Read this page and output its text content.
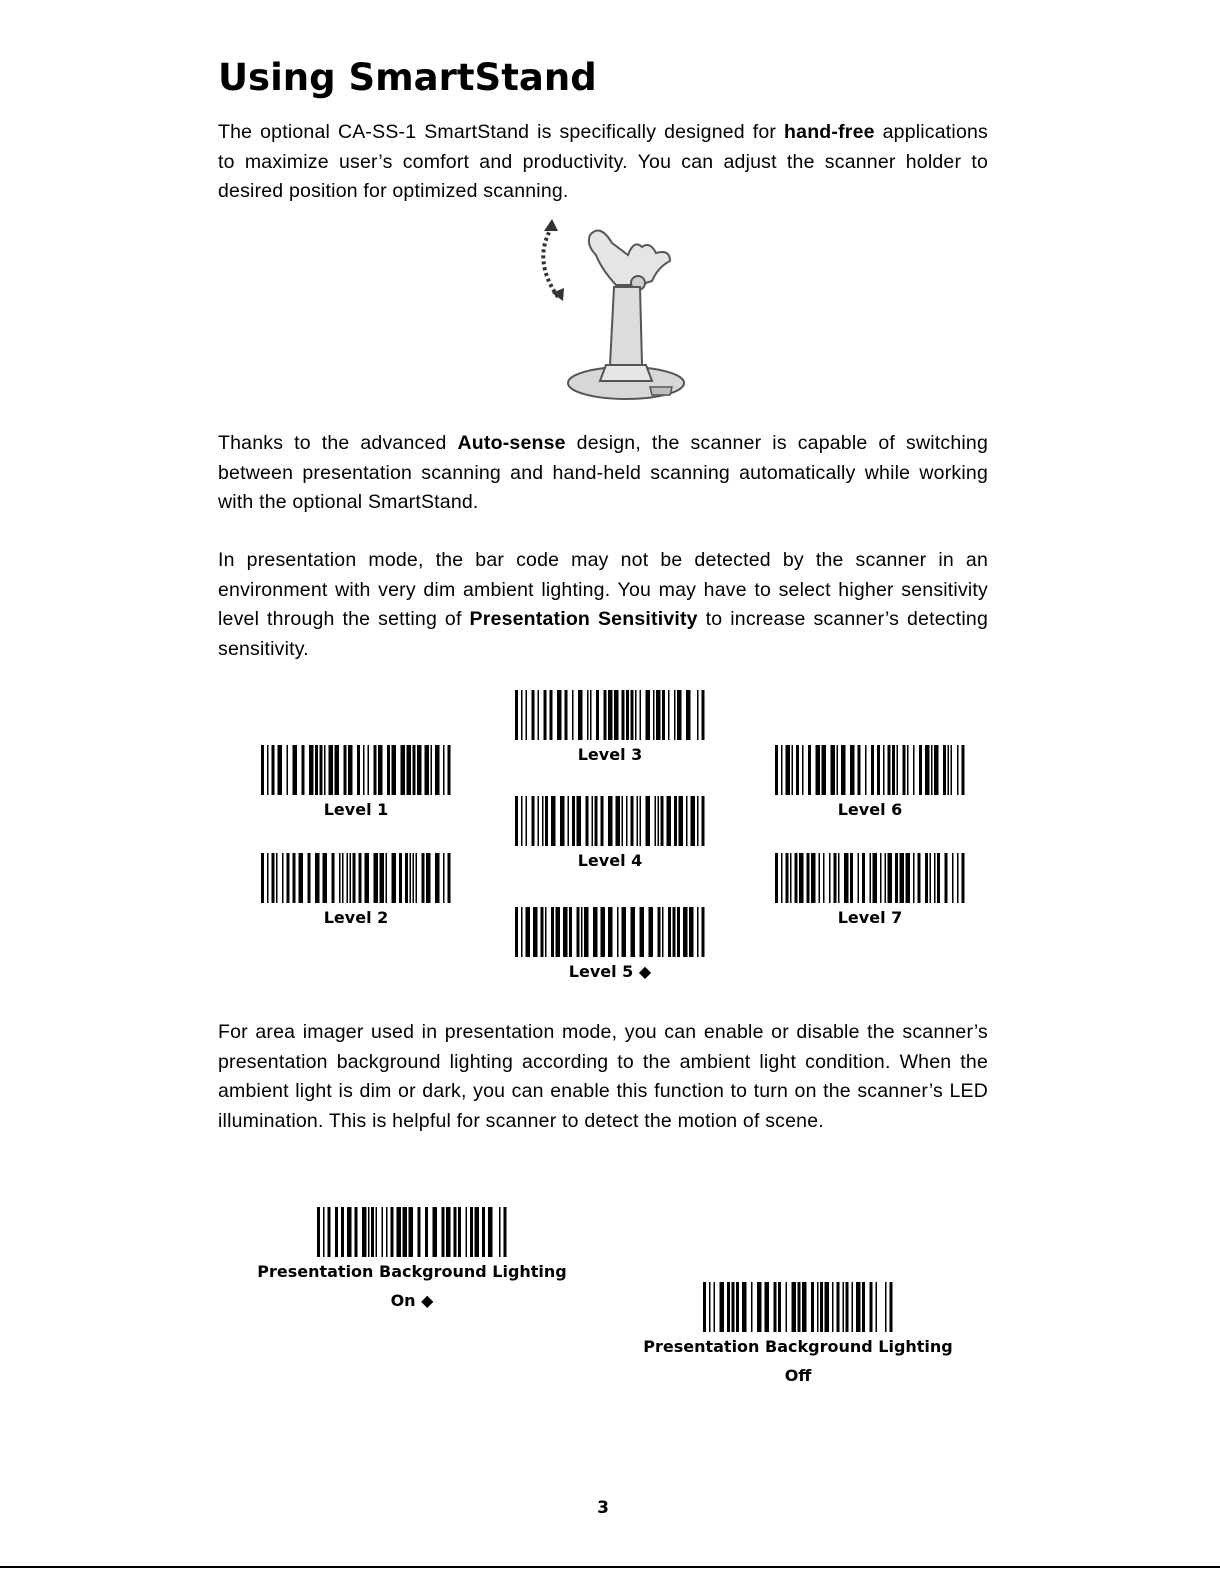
Using SmartStand

The optional CA-SS-1 SmartStand is specifically designed for hand-free applications to maximize user’s comfort and productivity. You can adjust the scanner holder to desired position for optimized scanning.

Thanks to the advanced Auto-sense design, the scanner is capable of switching between presentation scanning and hand-held scanning automatically while working with the optional SmartStand.

In presentation mode, the bar code may not be detected by the scanner in an environment with very dim ambient lighting. You may have to select higher sensitivity level through the setting of Presentation Sensitivity to increase scanner’s detecting sensitivity.

Level 1
Level 2
Level 3
Level 4
Level 5 ◆
Level 6
Level 7

For area imager used in presentation mode, you can enable or disable the scanner’s presentation background lighting according to the ambient light condition. When the ambient light is dim or dark, you can enable this function to turn on the scanner’s LED illumination. This is helpful for scanner to detect the motion of scene.

Presentation Background Lighting
On ◆
Presentation Background Lighting
Off
3
